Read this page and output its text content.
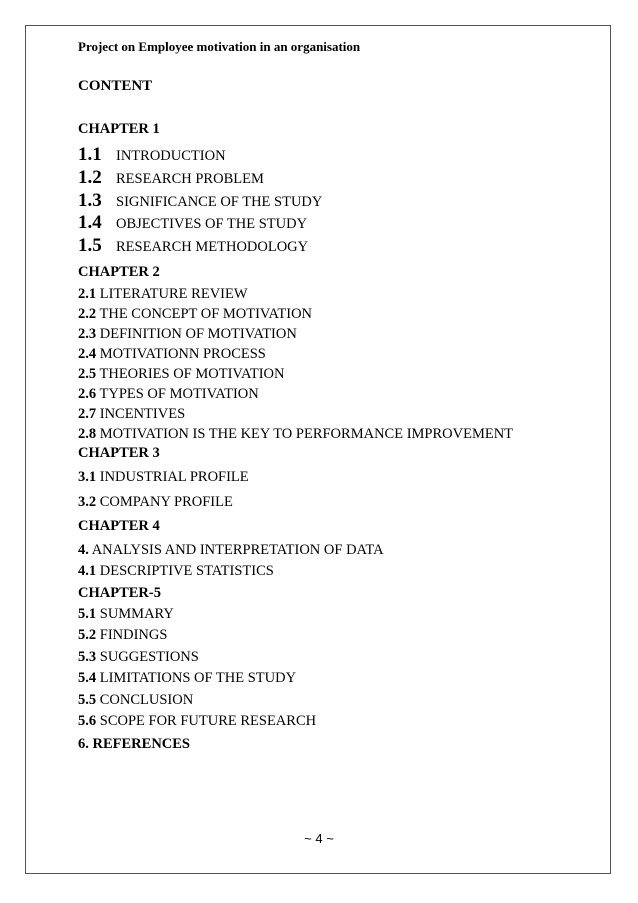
Project on Employee motivation in an organisation
CONTENT
CHAPTER 1
1.1 INTRODUCTION
1.2 RESEARCH PROBLEM
1.3 SIGNIFICANCE OF THE STUDY
1.4 OBJECTIVES OF THE STUDY
1.5 RESEARCH METHODOLOGY
CHAPTER 2
2.1 LITERATURE REVIEW
2.2 THE CONCEPT OF MOTIVATION
2.3 DEFINITION OF MOTIVATION
2.4 MOTIVATIONN PROCESS
2.5 THEORIES OF MOTIVATION
2.6 TYPES OF MOTIVATION
2.7 INCENTIVES
2.8 MOTIVATION IS THE KEY TO PERFORMANCE IMPROVEMENT
CHAPTER 3
3.1 INDUSTRIAL PROFILE
3.2 COMPANY PROFILE
CHAPTER 4
4. ANALYSIS AND INTERPRETATION OF DATA
4.1 DESCRIPTIVE STATISTICS
CHAPTER-5
5.1 SUMMARY
5.2 FINDINGS
5.3 SUGGESTIONS
5.4 LIMITATIONS OF THE STUDY
5.5 CONCLUSION
5.6 SCOPE FOR FUTURE RESEARCH
6. REFERENCES
~ 4 ~
